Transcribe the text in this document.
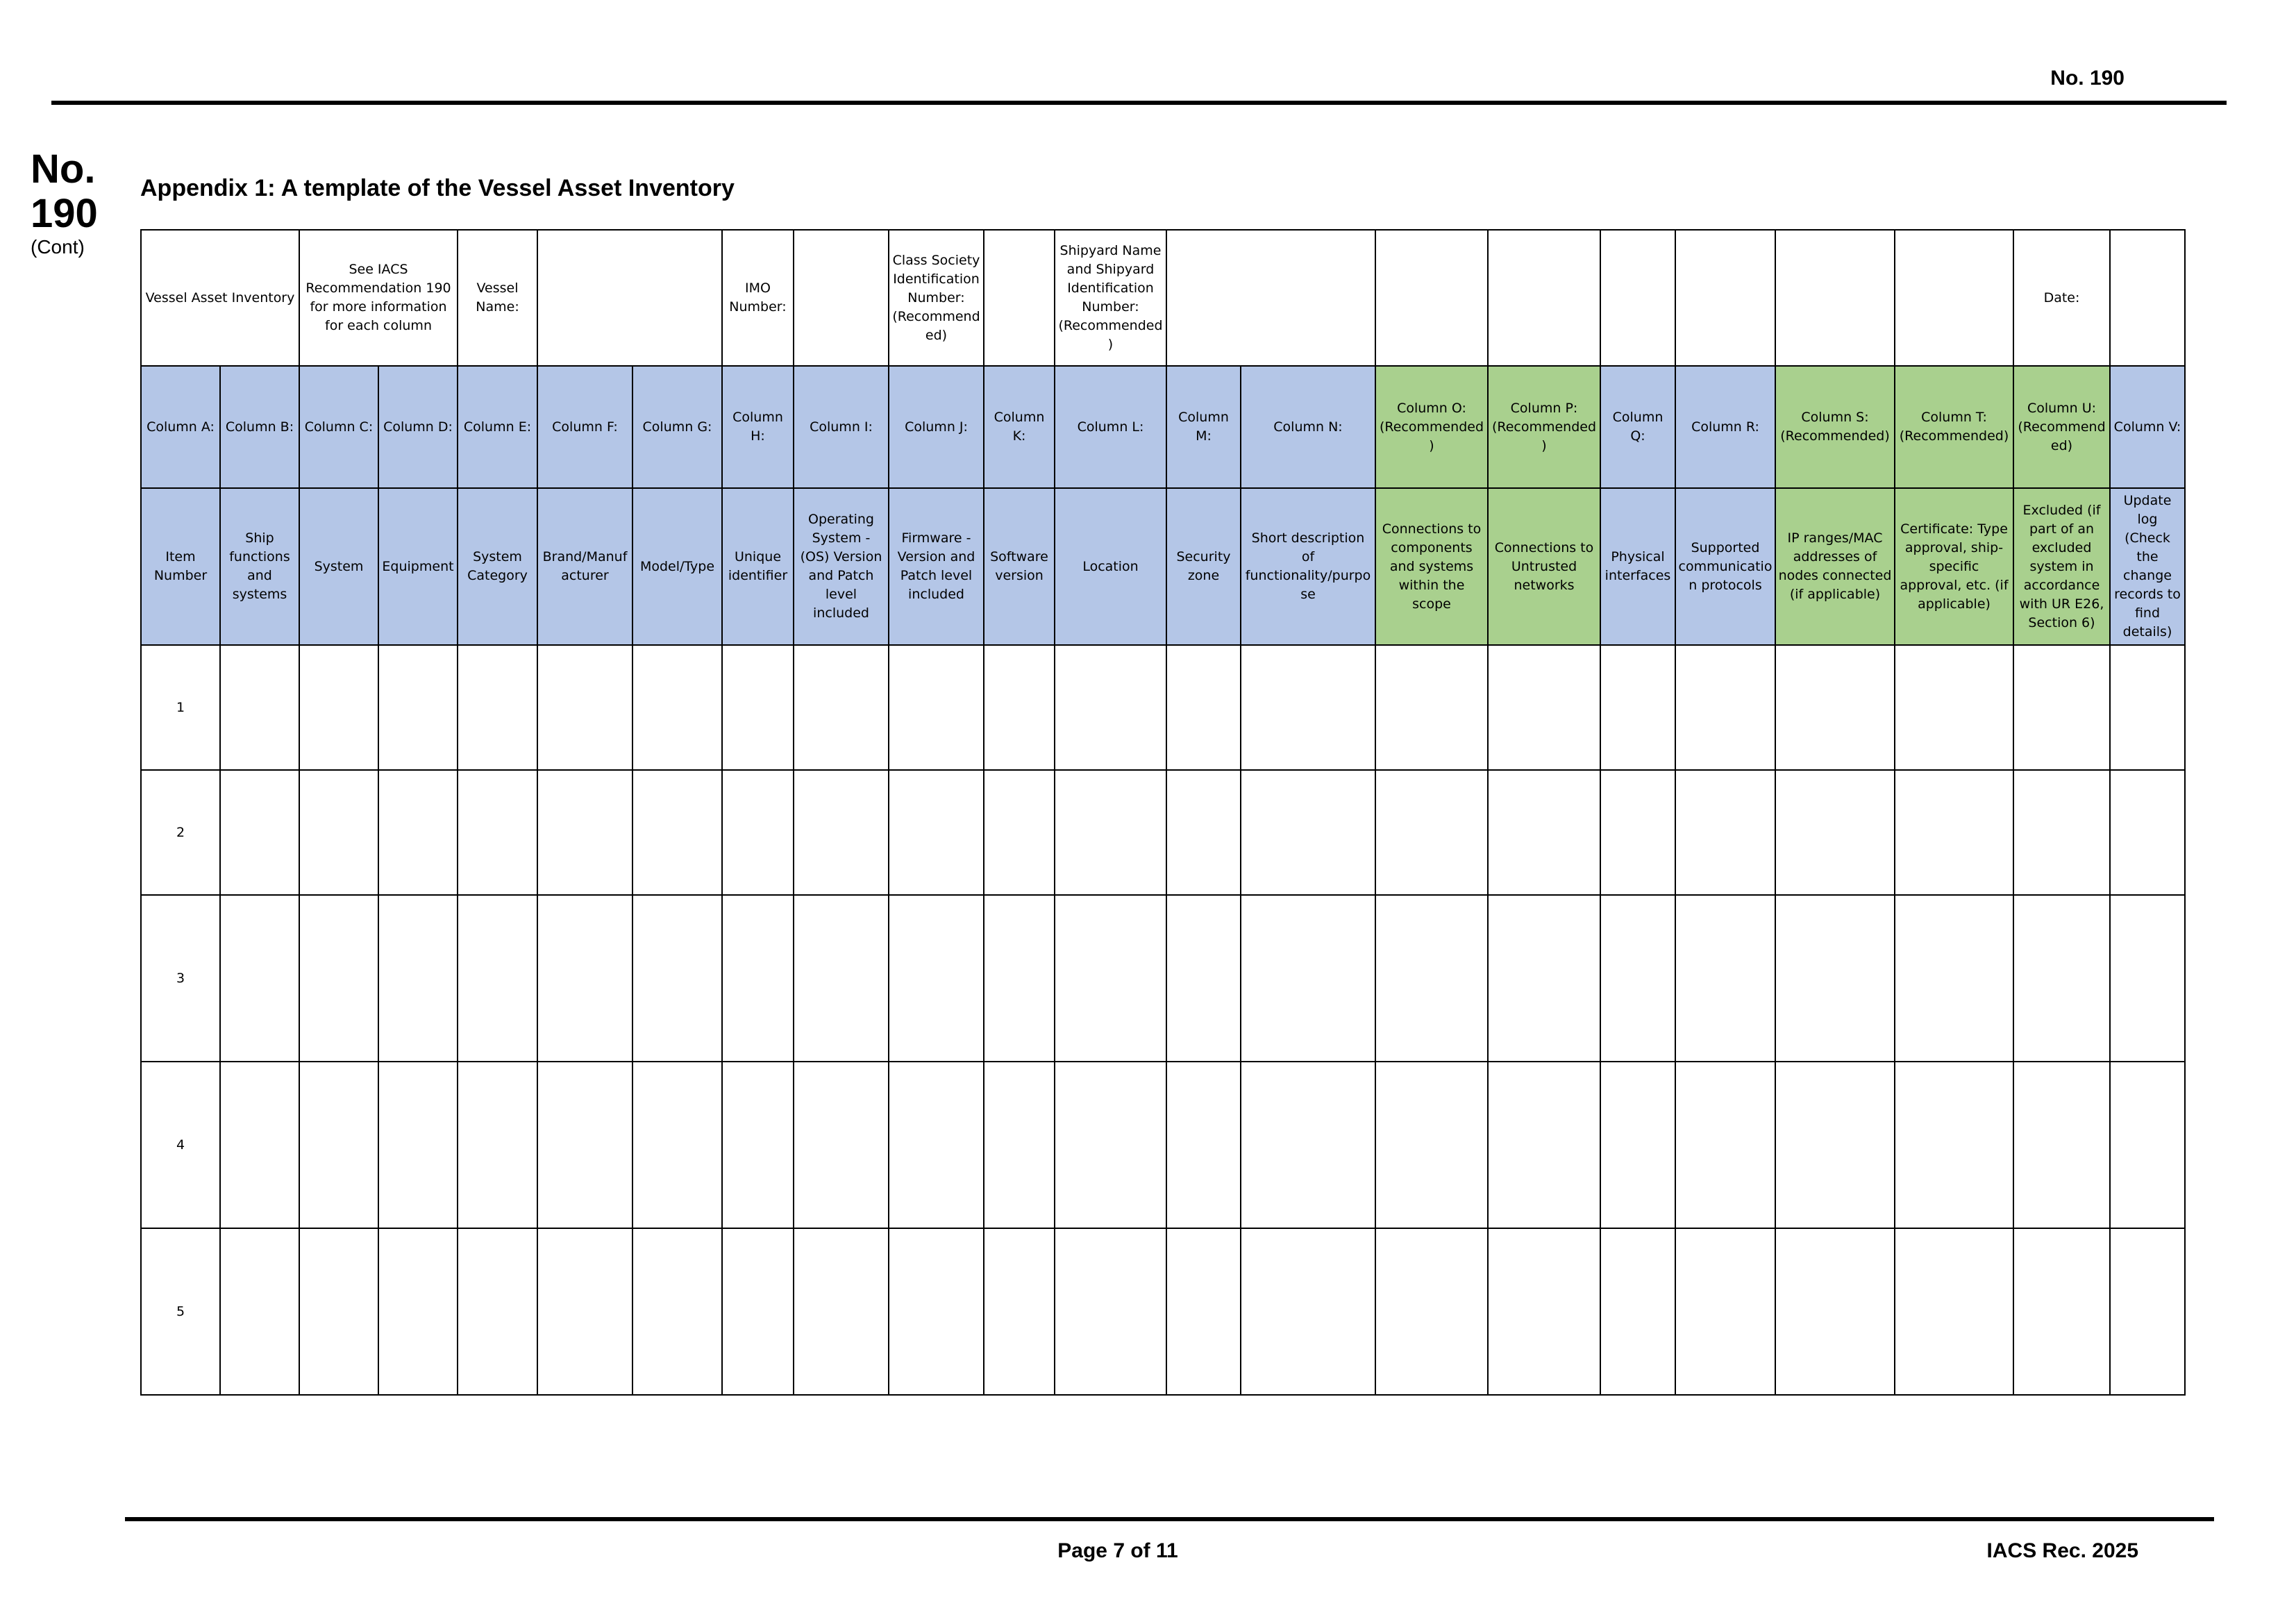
No. 190
No. 190
(Cont)
Appendix 1: A template of the Vessel Asset Inventory
Vessel Asset Inventory		See IACS Recommendation 190 for more information for each column		Vessel Name:			IMO Number:		Class Society Identification Number: (Recommended)		Shipyard Name and Shipyard Identification Number: (Recommended)									Date:	
Column A:	Column B:	Column C:	Column D:	Column E:	Column F:	Column G:	Column H:	Column I:	Column J:	Column K:	Column L:	Column M:	Column N:	Column O: (Recommended)	Column P: (Recommended)	Column Q:	Column R:	Column S: (Recommended)	Column T: (Recommended)	Column U: (Recommended)	Column V:
Item Number	Ship functions and systems	System	Equipment	System Category	Brand/Manufacturer	Model/Type	Unique identifier	Operating System - (OS) Version and Patch level included	Firmware - Version and Patch level included	Software version	Location	Security zone	Short description of functionality/purpose	Connections to components and systems within the scope	Connections to Untrusted networks	Physical interfaces	Supported communication protocols	IP ranges/MAC addresses of nodes connected (if applicable)	Certificate: Type approval, ship-specific approval, etc. (if applicable)	Excluded (if part of an excluded system in accordance with UR E26, Section 6)	Update log (Check the change records to find details)
1																					
2																					
3																					
4																					
5																					
Page 7 of 11	IACS Rec. 2025
